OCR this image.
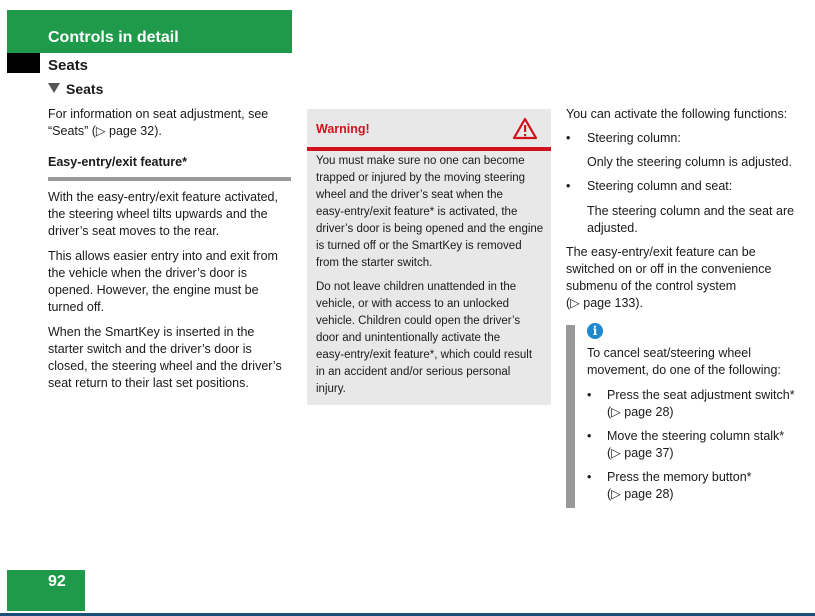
Controls in detail
Seats
Seats
For information on seat adjustment, see
“Seats” (▷ page 32).
Easy-entry/exit feature*
With the easy-entry/exit feature activated,
the steering wheel tilts upwards and the
driver’s seat moves to the rear.
This allows easier entry into and exit from
the vehicle when the driver’s door is
opened. However, the engine must be
turned off.
When the SmartKey is inserted in the
starter switch and the driver’s door is
closed, the steering wheel and the driver’s
seat return to their last set positions.
Warning!
You must make sure no one can become
trapped or injured by the moving steering
wheel and the driver’s seat when the
easy-entry/exit feature* is activated, the
driver’s door is being opened and the engine
is turned off or the SmartKey is removed
from the starter switch.
Do not leave children unattended in the
vehicle, or with access to an unlocked
vehicle. Children could open the driver’s
door and unintentionally activate the
easy-entry/exit feature*, which could result
in an accident and/or serious personal
injury.
You can activate the following functions:
• Steering column:
Only the steering column is adjusted.
• Steering column and seat:
The steering column and the seat are
adjusted.
The easy-entry/exit feature can be
switched on or off in the convenience
submenu of the control system
(▷ page 133).
i
To cancel seat/steering wheel
movement, do one of the following:
• Press the seat adjustment switch*
(▷ page 28)
• Move the steering column stalk*
(▷ page 37)
• Press the memory button*
(▷ page 28)
92
